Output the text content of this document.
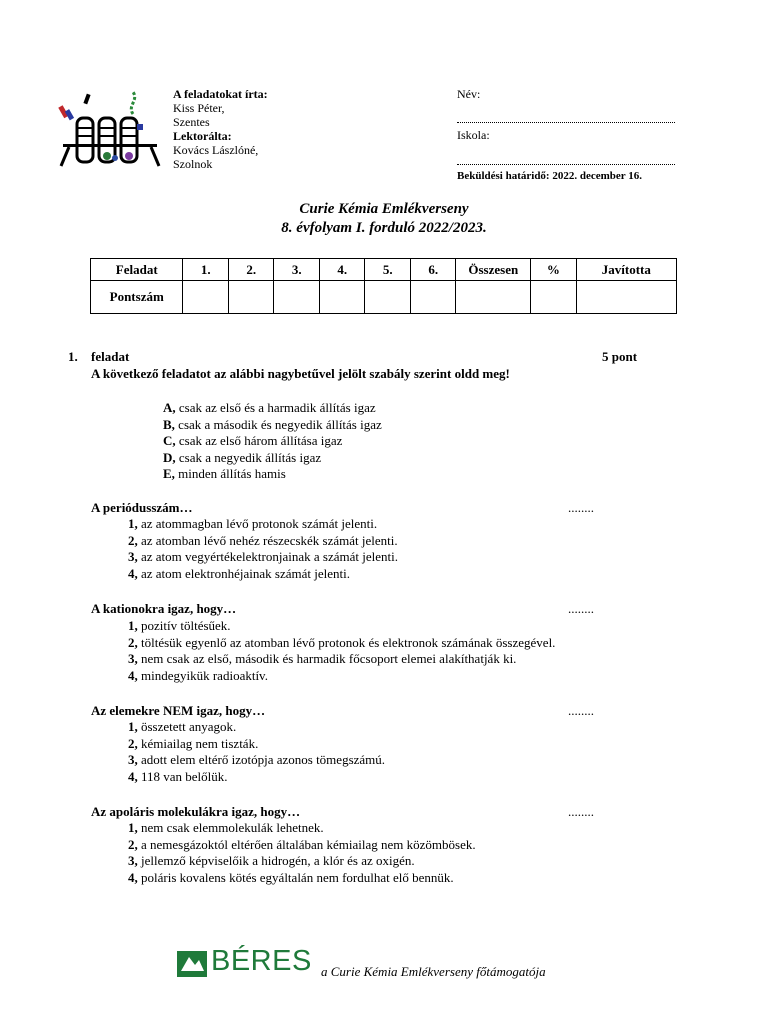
A feladatokat írta:
Kiss Péter,
Szentes
Lektorálta:
Kovács Lászlóné,
Szolnok
Név:
Iskola:
Beküldési határidő: 2022. december 16.
Curie Kémia Emlékverseny
8. évfolyam I. forduló 2022/2023.
Feladat	1.	2.	3.	4.	5.	6.	Összesen	%	Javította
Pontszám									
1. feladat	5 pont
A következő feladatot az alábbi nagybetűvel jelölt szabály szerint oldd meg!
A, csak az első és a harmadik állítás igaz
B, csak a második és negyedik állítás igaz
C, csak az első három állítása igaz
D, csak a negyedik állítás igaz
E, minden állítás hamis
A periódusszám…	........
1, az atommagban lévő protonok számát jelenti.
2, az atomban lévő nehéz részecskék számát jelenti.
3, az atom vegyértékelektronjainak a számát jelenti.
4, az atom elektronhéjainak számát jelenti.
A kationokra igaz, hogy…	........
1, pozitív töltésűek.
2, töltésük egyenlő az atomban lévő protonok és elektronok számának összegével.
3, nem csak az első, második és harmadik főcsoport elemei alakíthatják ki.
4, mindegyikük radioaktív.
Az elemekre NEM igaz, hogy…	........
1, összetett anyagok.
2, kémiailag nem tiszták.
3, adott elem eltérő izotópja azonos tömegszámú.
4, 118 van belőlük.
Az apoláris molekulákra igaz, hogy…	........
1, nem csak elemmolekulák lehetnek.
2, a nemesgázoktól eltérően általában kémiailag nem közömbösek.
3, jellemző képviselőik a hidrogén, a klór és az oxigén.
4, poláris kovalens kötés egyáltalán nem fordulhat elő bennük.
BÉRES a Curie Kémia Emlékverseny főtámogatója
